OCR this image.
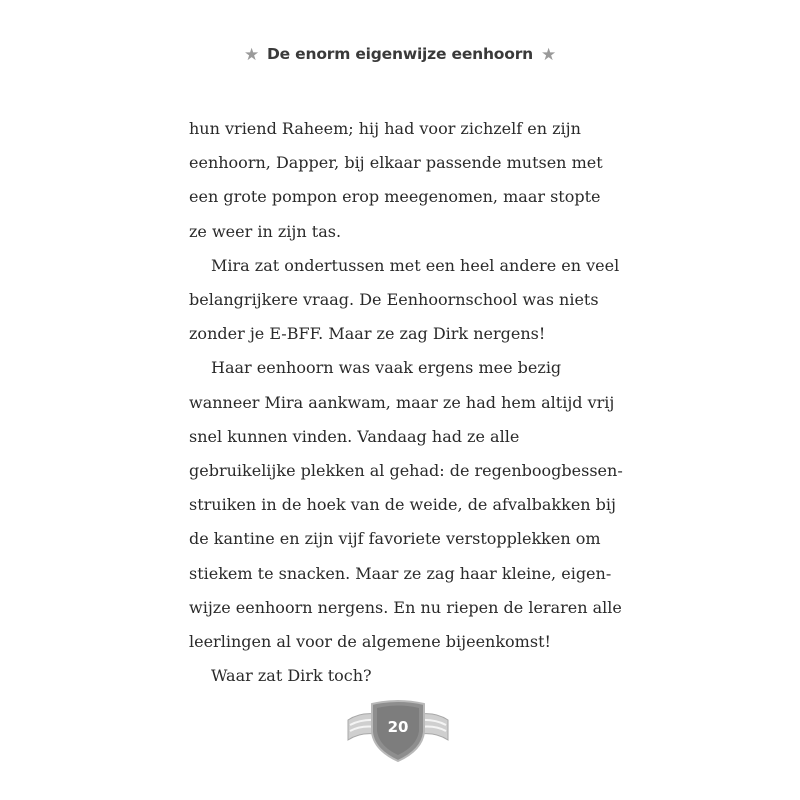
★ De enorm eigenwijze eenhoorn ★
hun vriend Raheem; hij had voor zichzelf en zijn
eenhoorn, Dapper, bij elkaar passende mutsen met
een grote pompon erop meegenomen, maar stopte
ze weer in zijn tas.
Mira zat ondertussen met een heel andere en veel
belangrijkere vraag. De Eenhoornschool was niets
zonder je E-BFF. Maar ze zag Dirk nergens!
Haar eenhoorn was vaak ergens mee bezig
wanneer Mira aankwam, maar ze had hem altijd vrij
snel kunnen vinden. Vandaag had ze alle
gebruikelijke plekken al gehad: de regenboogbessen-
struiken in de hoek van de weide, de afvalbakken bij
de kantine en zijn vijf favoriete verstopplekken om
stiekem te snacken. Maar ze zag haar kleine, eigen-
wijze eenhoorn nergens. En nu riepen de leraren alle
leerlingen al voor de algemene bijeenkomst!
Waar zat Dirk toch?
20
